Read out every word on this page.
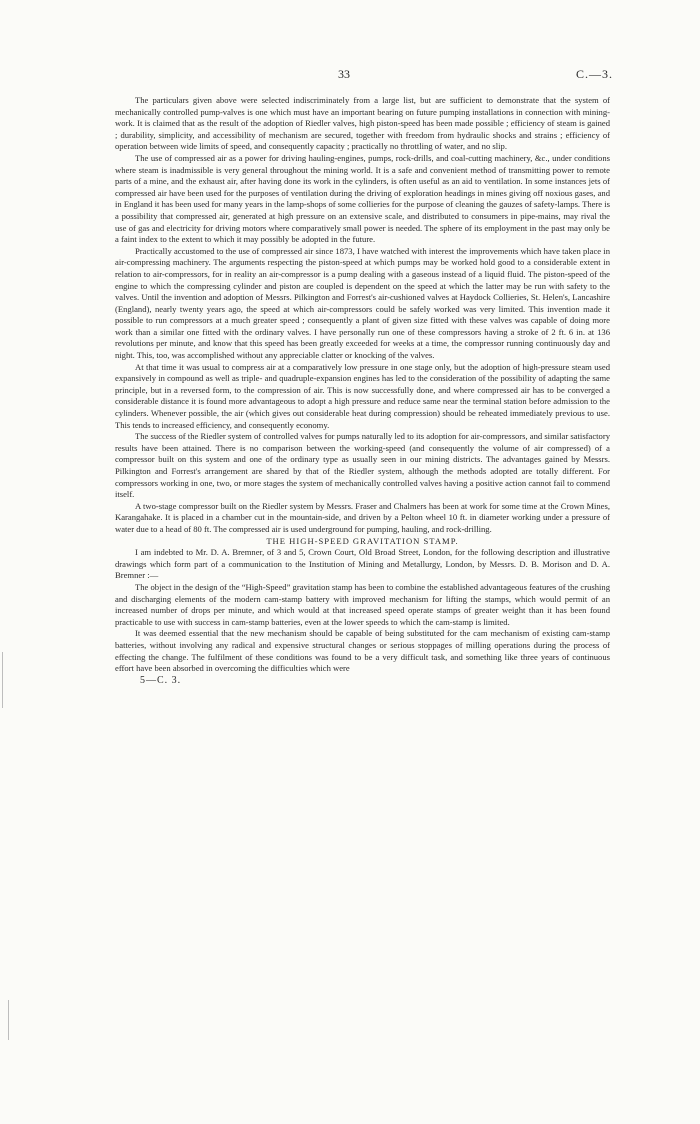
33	C.—3.

The particulars given above were selected indiscriminately from a large list, but are sufficient to demonstrate that the system of mechanically controlled pump-valves is one which must have an important bearing on future pumping installations in connection with mining-work. It is claimed that as the result of the adoption of Riedler valves, high piston-speed has been made possible ; efficiency of steam is gained ; durability, simplicity, and accessibility of mechanism are secured, together with freedom from hydraulic shocks and strains ; efficiency of operation between wide limits of speed, and consequently capacity ; practically no throttling of water, and no slip.

The use of compressed air as a power for driving hauling-engines, pumps, rock-drills, and coal-cutting machinery, &c., under conditions where steam is inadmissible is very general throughout the mining world. It is a safe and convenient method of transmitting power to remote parts of a mine, and the exhaust air, after having done its work in the cylinders, is often useful as an aid to ventilation. In some instances jets of compressed air have been used for the purposes of ventilation during the driving of exploration headings in mines giving off noxious gases, and in England it has been used for many years in the lamp-shops of some collieries for the purpose of cleaning the gauzes of safety-lamps. There is a possibility that compressed air, generated at high pressure on an extensive scale, and distributed to consumers in pipe-mains, may rival the use of gas and electricity for driving motors where comparatively small power is needed. The sphere of its employment in the past may only be a faint index to the extent to which it may possibly be adopted in the future.

Practically accustomed to the use of compressed air since 1873, I have watched with interest the improvements which have taken place in air-compressing machinery. The arguments respecting the piston-speed at which pumps may be worked hold good to a considerable extent in relation to air-compressors, for in reality an air-compressor is a pump dealing with a gaseous instead of a liquid fluid. The piston-speed of the engine to which the compressing cylinder and piston are coupled is dependent on the speed at which the latter may be run with safety to the valves. Until the invention and adoption of Messrs. Pilkington and Forrest's air-cushioned valves at Haydock Collieries, St. Helen's, Lancashire (England), nearly twenty years ago, the speed at which air-compressors could be safely worked was very limited. This invention made it possible to run compressors at a much greater speed ; consequently a plant of given size fitted with these valves was capable of doing more work than a similar one fitted with the ordinary valves. I have personally run one of these compressors having a stroke of 2 ft. 6 in. at 136 revolutions per minute, and know that this speed has been greatly exceeded for weeks at a time, the compressor running continuously day and night. This, too, was accomplished without any appreciable clatter or knocking of the valves.

At that time it was usual to compress air at a comparatively low pressure in one stage only, but the adoption of high-pressure steam used expansively in compound as well as triple- and quadruple-expansion engines has led to the consideration of the possibility of adapting the same principle, but in a reversed form, to the compression of air. This is now successfully done, and where compressed air has to be converged a considerable distance it is found more advantageous to adopt a high pressure and reduce same near the terminal station before admission to the cylinders. Whenever possible, the air (which gives out considerable heat during compression) should be reheated immediately previous to use. This tends to increased efficiency, and consequently economy.

The success of the Riedler system of controlled valves for pumps naturally led to its adoption for air-compressors, and similar satisfactory results have been attained. There is no comparison between the working-speed (and consequently the volume of air compressed) of a compressor built on this system and one of the ordinary type as usually seen in our mining districts. The advantages gained by Messrs. Pilkington and Forrest's arrangement are shared by that of the Riedler system, although the methods adopted are totally different. For compressors working in one, two, or more stages the system of mechanically controlled valves having a positive action cannot fail to commend itself.

A two-stage compressor built on the Riedler system by Messrs. Fraser and Chalmers has been at work for some time at the Crown Mines, Karangahake. It is placed in a chamber cut in the mountain-side, and driven by a Pelton wheel 10 ft. in diameter working under a pressure of water due to a head of 80 ft. The compressed air is used underground for pumping, hauling, and rock-drilling.

THE HIGH-SPEED GRAVITATION STAMP.

I am indebted to Mr. D. A. Bremner, of 3 and 5, Crown Court, Old Broad Street, London, for the following description and illustrative drawings which form part of a communication to the Institution of Mining and Metallurgy, London, by Messrs. D. B. Morison and D. A. Bremner :—

The object in the design of the “High-Speed” gravitation stamp has been to combine the established advantageous features of the crushing and discharging elements of the modern cam-stamp battery with improved mechanism for lifting the stamps, which would permit of an increased number of drops per minute, and which would at that increased speed operate stamps of greater weight than it has been found practicable to use with success in cam-stamp batteries, even at the lower speeds to which the cam-stamp is limited.

It was deemed essential that the new mechanism should be capable of being substituted for the cam mechanism of existing cam-stamp batteries, without involving any radical and expensive structural changes or serious stoppages of milling operations during the process of effecting the change. The fulfilment of these conditions was found to be a very difficult task, and something like three years of continuous effort have been absorbed in overcoming the difficulties which were

5—C. 3.
